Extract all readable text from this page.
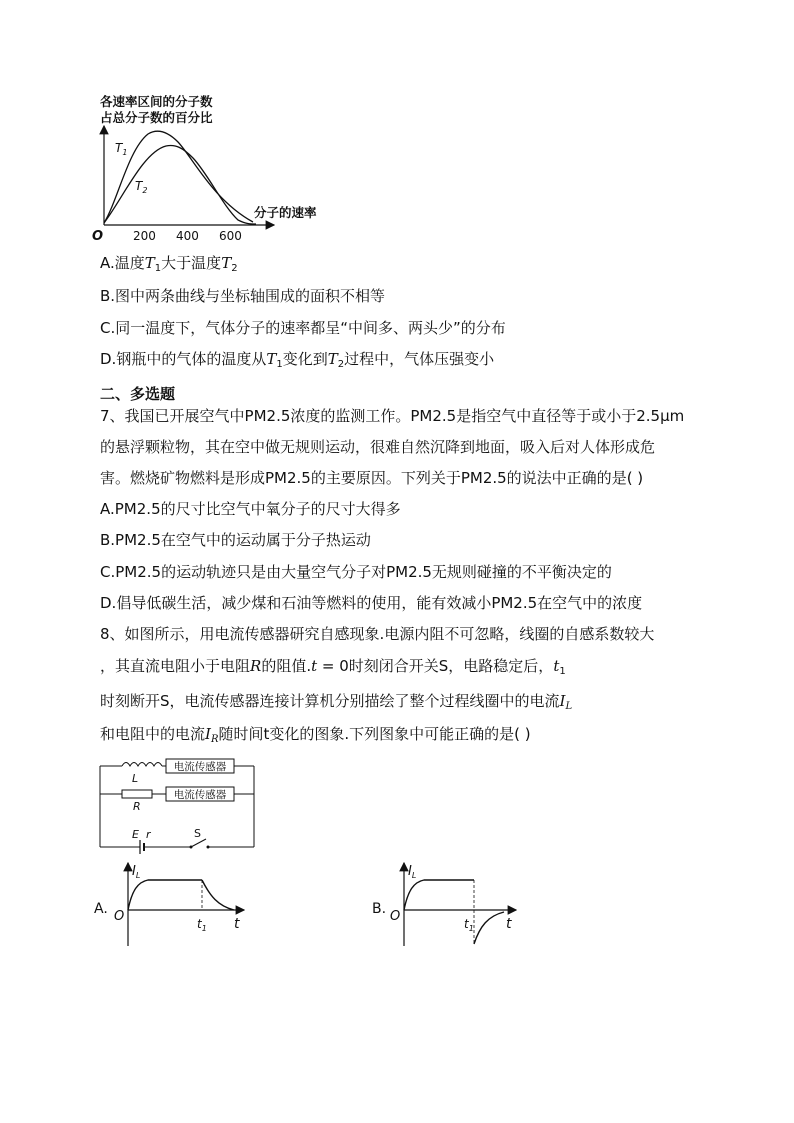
各速率区间的分子数
占总分子数的百分比
$T_1$
$T_2$
O 200 400 600
分子的速率
A.温度$T_1$大于温度$T_2$
B.图中两条曲线与坐标轴围成的面积不相等
C.同一温度下，气体分子的速率都呈“中间多、两头少”的分布
D.钢瓶中的气体的温度从$T_1$变化到$T_2$过程中，气体压强变小
二、多选题
7、我国已开展空气中PM2.5浓度的监测工作。PM2.5是指空气中直径等于或小于2.5μm
的悬浮颗粒物，其在空中做无规则运动，很难自然沉降到地面，吸入后对人体形成危
害。燃烧矿物燃料是形成PM2.5的主要原因。下列关于PM2.5的说法中正确的是( )
A.PM2.5的尺寸比空气中氧分子的尺寸大得多
B.PM2.5在空气中的运动属于分子热运动
C.PM2.5的运动轨迹只是由大量空气分子对PM2.5无规则碰撞的不平衡决定的
D.倡导低碳生活，减少煤和石油等燃料的使用，能有效减小PM2.5在空气中的浓度
8、如图所示，用电流传感器研究自感现象.电源内阻不可忽略，线圈的自感系数较大
，其直流电阻小于电阻R的阻值.t = 0时刻闭合开关S，电路稳定后，$t_1$
时刻断开S，电流传感器连接计算机分别描绘了整个过程线圈中的电流$I_L$
和电阻中的电流$I_R$随时间t变化的图象.下列图象中可能正确的是( )
电流传感器
L
电流传感器
R
E r	S
A.
$I_L$
O	$t_1$ t
B.
$I_L$
O	$t_1$ t
